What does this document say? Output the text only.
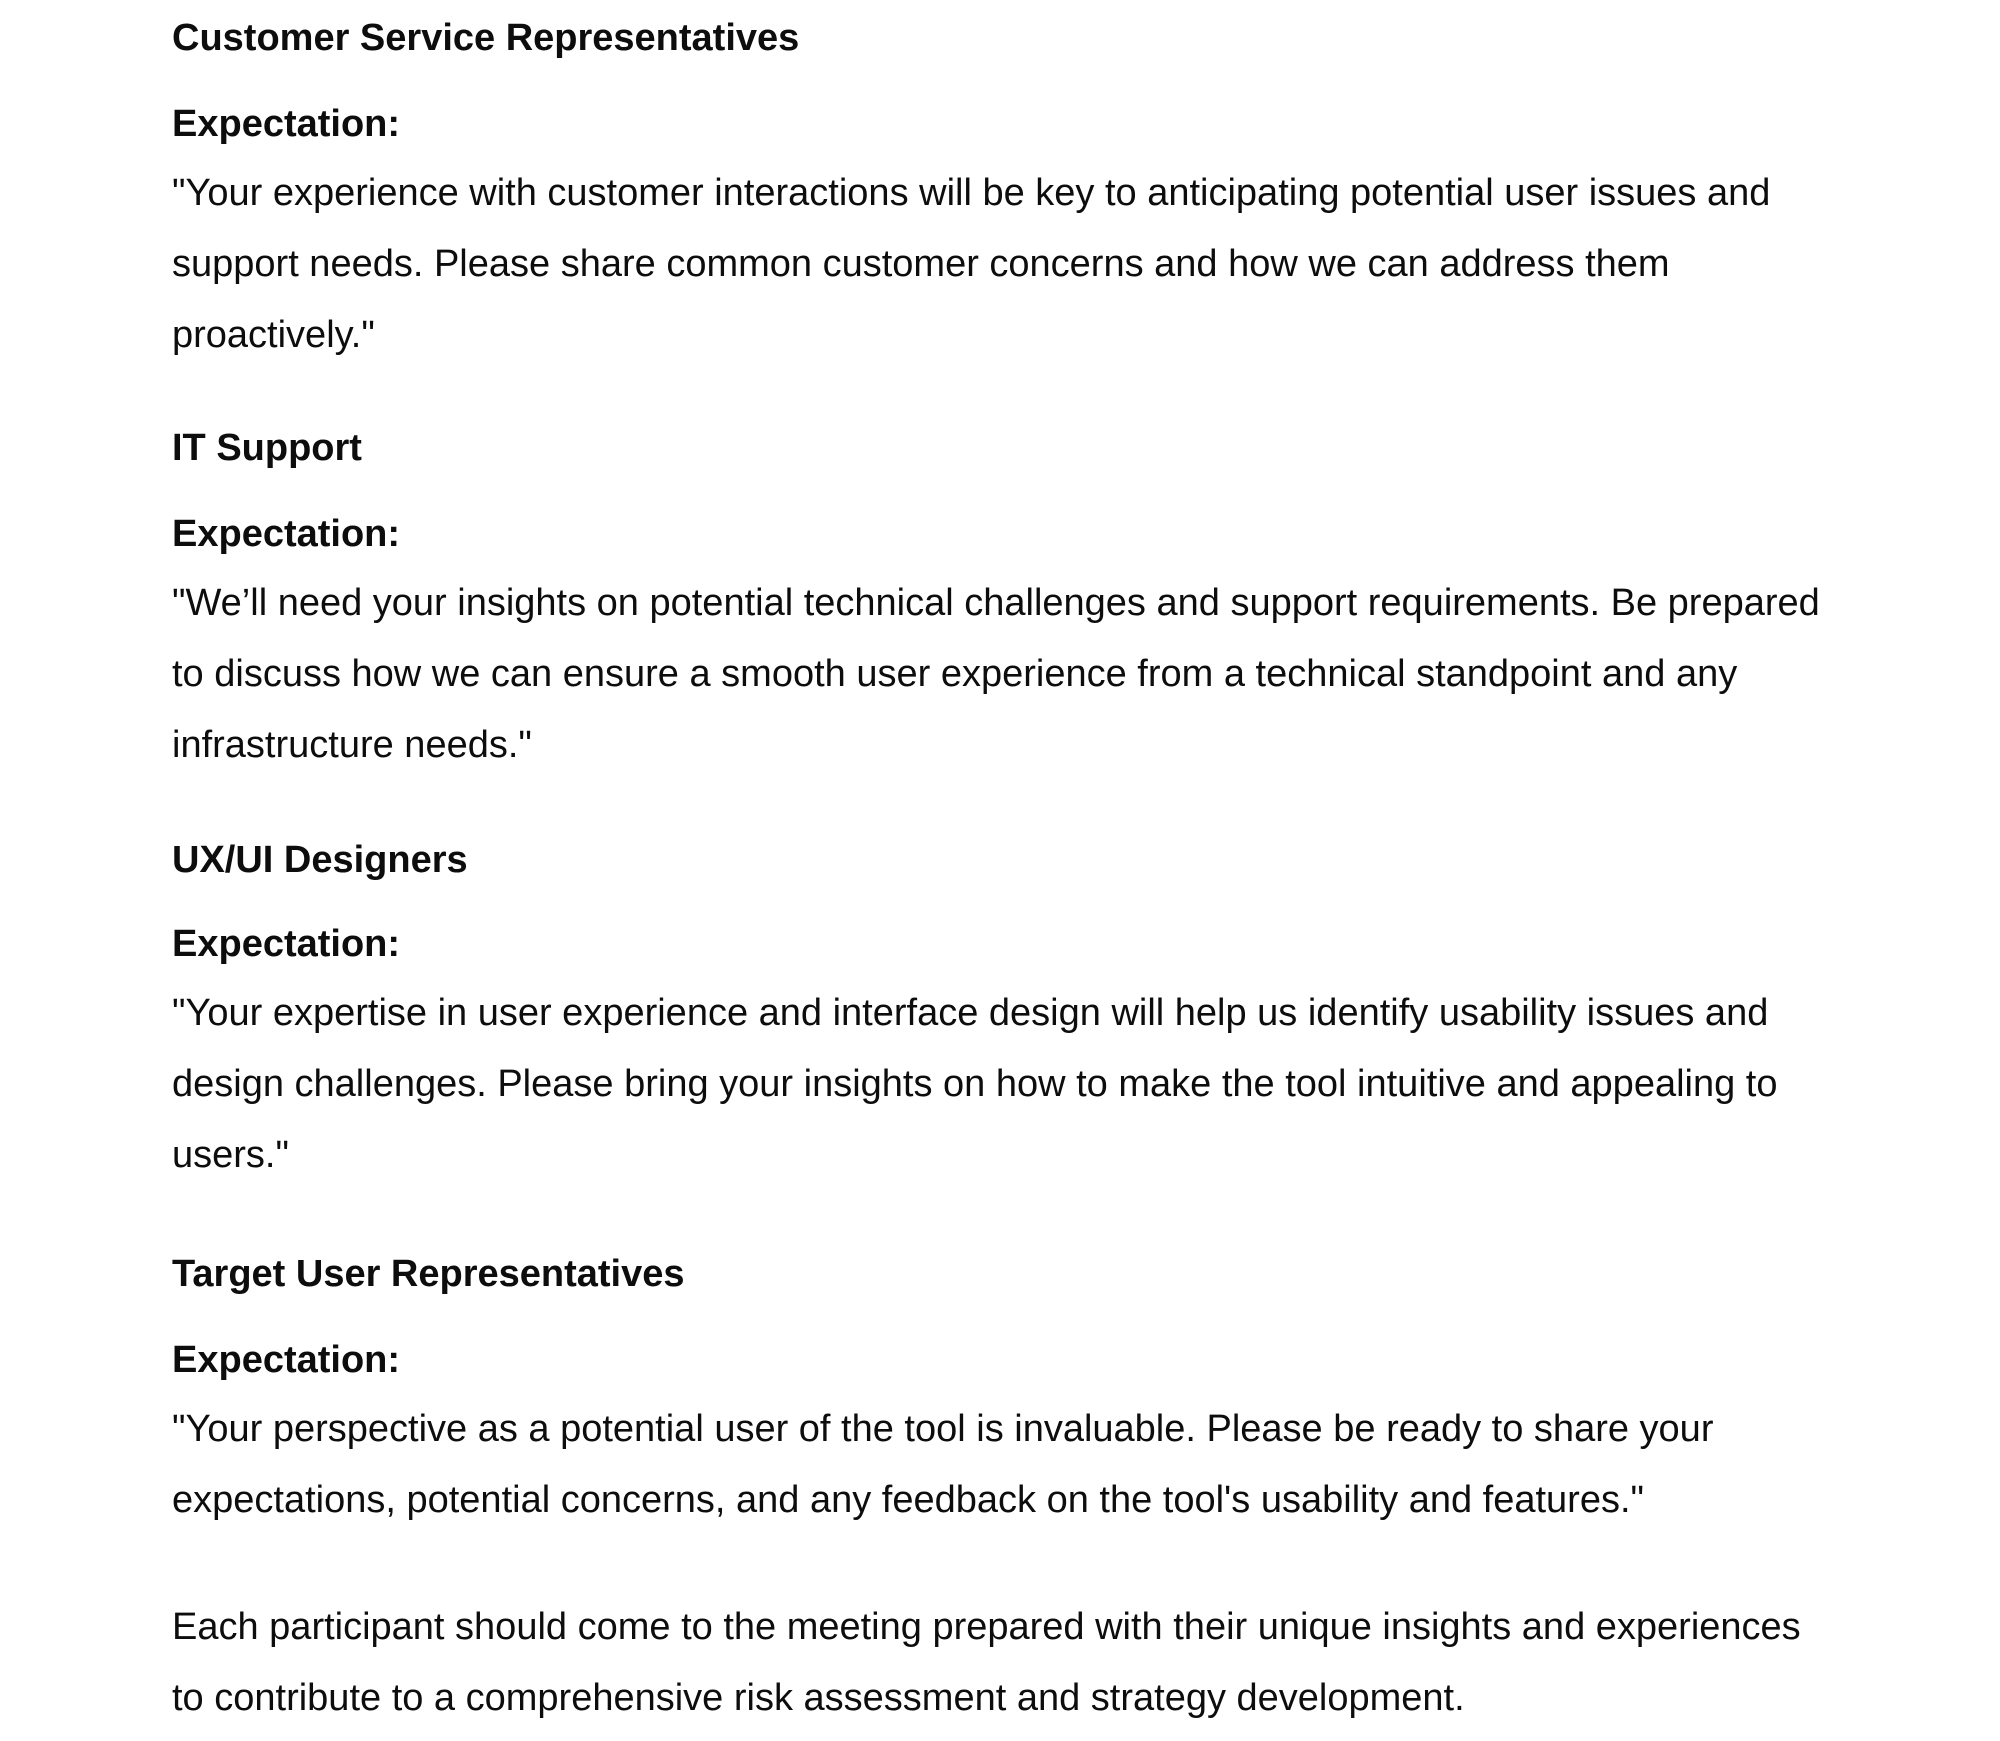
Customer Service Representatives
Expectation:
"Your experience with customer interactions will be key to anticipating potential user issues and
support needs. Please share common customer concerns and how we can address them
proactively."
IT Support
Expectation:
"We’ll need your insights on potential technical challenges and support requirements. Be prepared
to discuss how we can ensure a smooth user experience from a technical standpoint and any
infrastructure needs."
UX/UI Designers
Expectation:
"Your expertise in user experience and interface design will help us identify usability issues and
design challenges. Please bring your insights on how to make the tool intuitive and appealing to
users."
Target User Representatives
Expectation:
"Your perspective as a potential user of the tool is invaluable. Please be ready to share your
expectations, potential concerns, and any feedback on the tool's usability and features."
Each participant should come to the meeting prepared with their unique insights and experiences
to contribute to a comprehensive risk assessment and strategy development.
